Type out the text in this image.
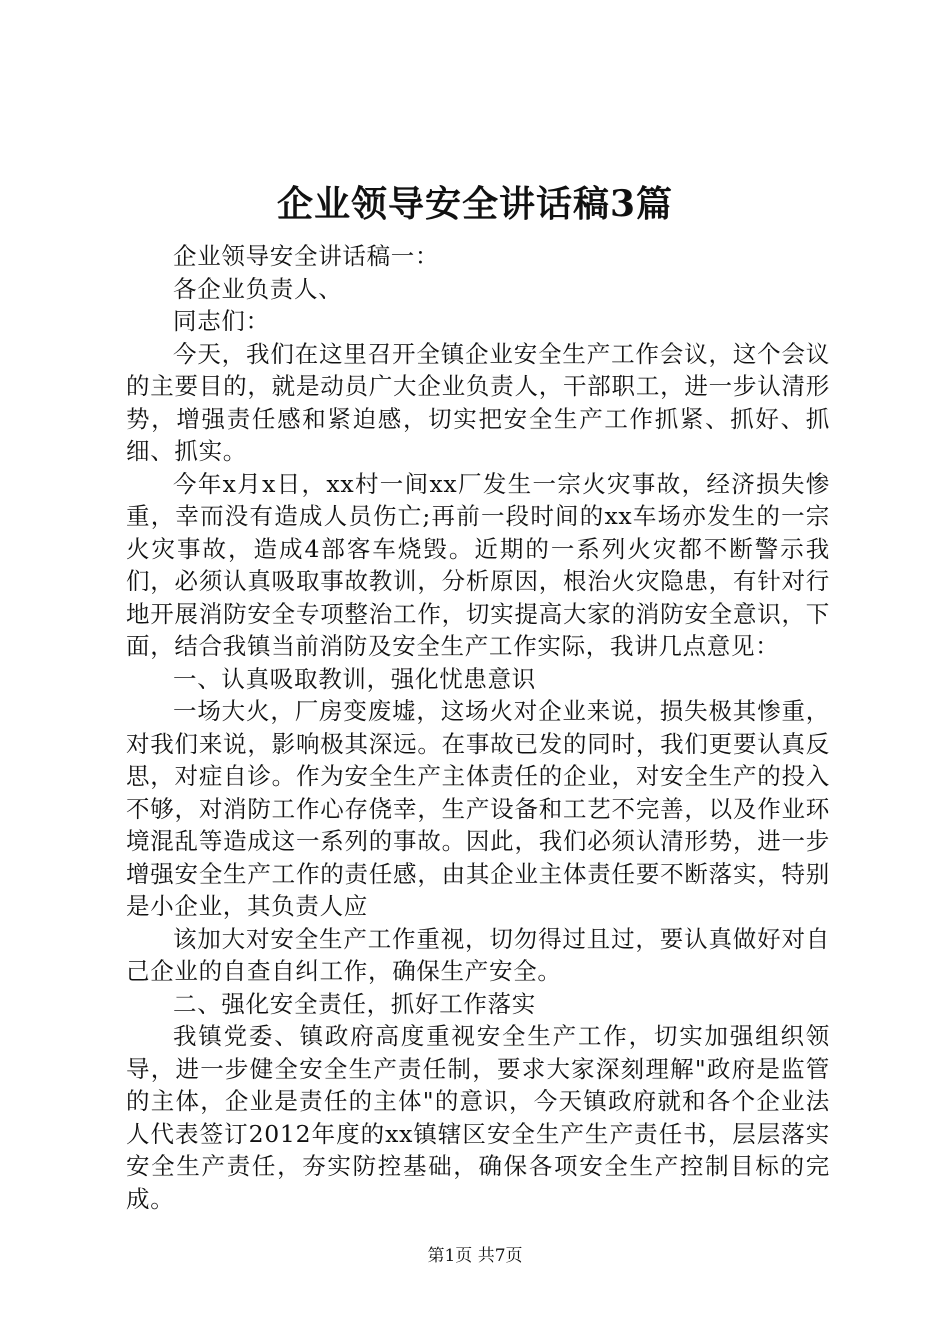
企业领导安全讲话稿3篇

企业领导安全讲话稿一：

各企业负责人、

同志们：

今天，我们在这里召开全镇企业安全生产工作会议，这个会议的主要目的，就是动员广大企业负责人，干部职工，进一步认清形势，增强责任感和紧迫感，切实把安全生产工作抓紧、抓好、抓细、抓实。

今年x月x日，xx村一间xx厂发生一宗火灾事故，经济损失惨重，幸而没有造成人员伤亡;再前一段时间的xx车场亦发生的一宗火灾事故，造成4部客车烧毁。近期的一系列火灾都不断警示我们，必须认真吸取事故教训，分析原因，根治火灾隐患，有针对行地开展消防安全专项整治工作，切实提高大家的消防安全意识，下面，结合我镇当前消防及安全生产工作实际，我讲几点意见：

一、认真吸取教训，强化忧患意识

一场大火，厂房变废墟，这场火对企业来说，损失极其惨重，对我们来说，影响极其深远。在事故已发的同时，我们更要认真反思，对症自诊。作为安全生产主体责任的企业，对安全生产的投入不够，对消防工作心存侥幸，生产设备和工艺不完善，以及作业环境混乱等造成这一系列的事故。因此，我们必须认清形势，进一步增强安全生产工作的责任感，由其企业主体责任要不断落实，特别是小企业，其负责人应

该加大对安全生产工作重视，切勿得过且过，要认真做好对自己企业的自查自纠工作，确保生产安全。

二、强化安全责任，抓好工作落实

我镇党委、镇政府高度重视安全生产工作，切实加强组织领导，进一步健全安全生产责任制，要求大家深刻理解"政府是监管的主体，企业是责任的主体"的意识，今天镇政府就和各个企业法人代表签订2012年度的xx镇辖区安全生产生产责任书，层层落实安全生产责任，夯实防控基础，确保各项安全生产控制目标的完成。

第1页 共7页
